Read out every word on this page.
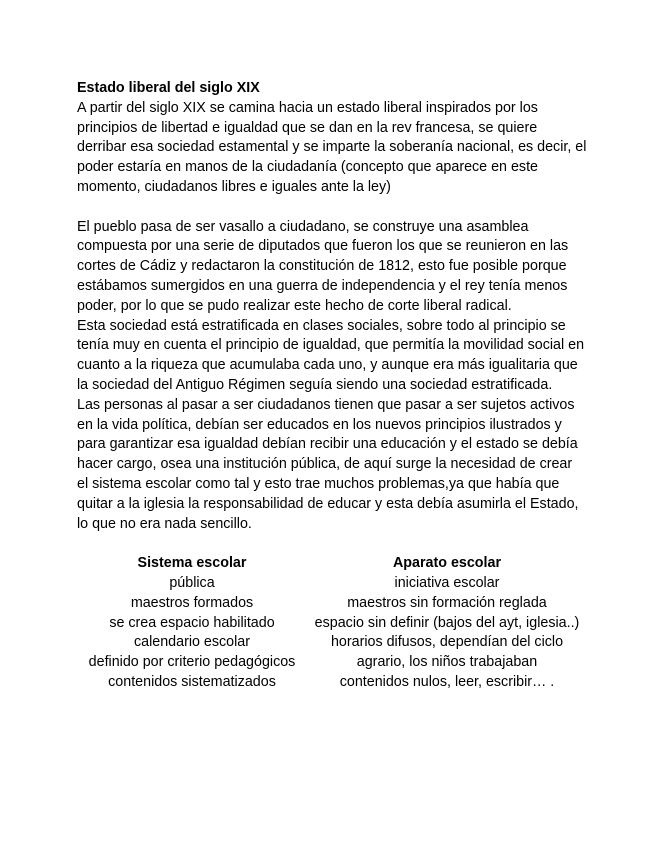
Estado liberal del siglo XIX

A partir del siglo XIX se camina hacia un estado liberal inspirados por los principios de libertad e igualdad que se dan en la rev francesa, se quiere derribar esa sociedad estamental y se imparte la soberanía nacional, es decir, el poder estaría en manos de la ciudadanía (concepto que aparece en este momento, ciudadanos libres e iguales ante la ley)

El pueblo pasa de ser vasallo a ciudadano, se construye una asamblea compuesta por una serie de diputados que fueron los que se reunieron en las cortes de Cádiz y redactaron la constitución de 1812, esto fue posible porque estábamos sumergidos en una guerra de independencia y el rey tenía menos poder, por lo que se pudo realizar este hecho de corte liberal radical.

Esta sociedad está estratificada en clases sociales, sobre todo al principio se tenía muy en cuenta el principio de igualdad, que permitía la movilidad social en cuanto a la riqueza que acumulaba cada uno, y aunque era más igualitaria que la sociedad del Antiguo Régimen seguía siendo una sociedad estratificada.

Las personas al pasar a ser ciudadanos tienen que pasar a ser sujetos activos en la vida política, debían ser educados en los nuevos principios ilustrados y para garantizar esa igualdad debían recibir una educación y el estado se debía hacer cargo, osea una institución pública, de aquí surge la necesidad de crear el sistema escolar como tal y esto trae muchos problemas,ya que había que quitar a la iglesia la responsabilidad de educar y esta debía asumirla el Estado, lo que no era nada sencillo.

Sistema escolar	Aparato escolar
pública	iniciativa escolar
maestros formados	maestros sin formación reglada
se crea espacio habilitado	espacio sin definir (bajos del ayt, iglesia..)
calendario escolar	horarios difusos, dependían del ciclo
definido por criterio pedagógicos	agrario, los niños trabajaban
contenidos sistematizados	contenidos nulos, leer, escribir… .
